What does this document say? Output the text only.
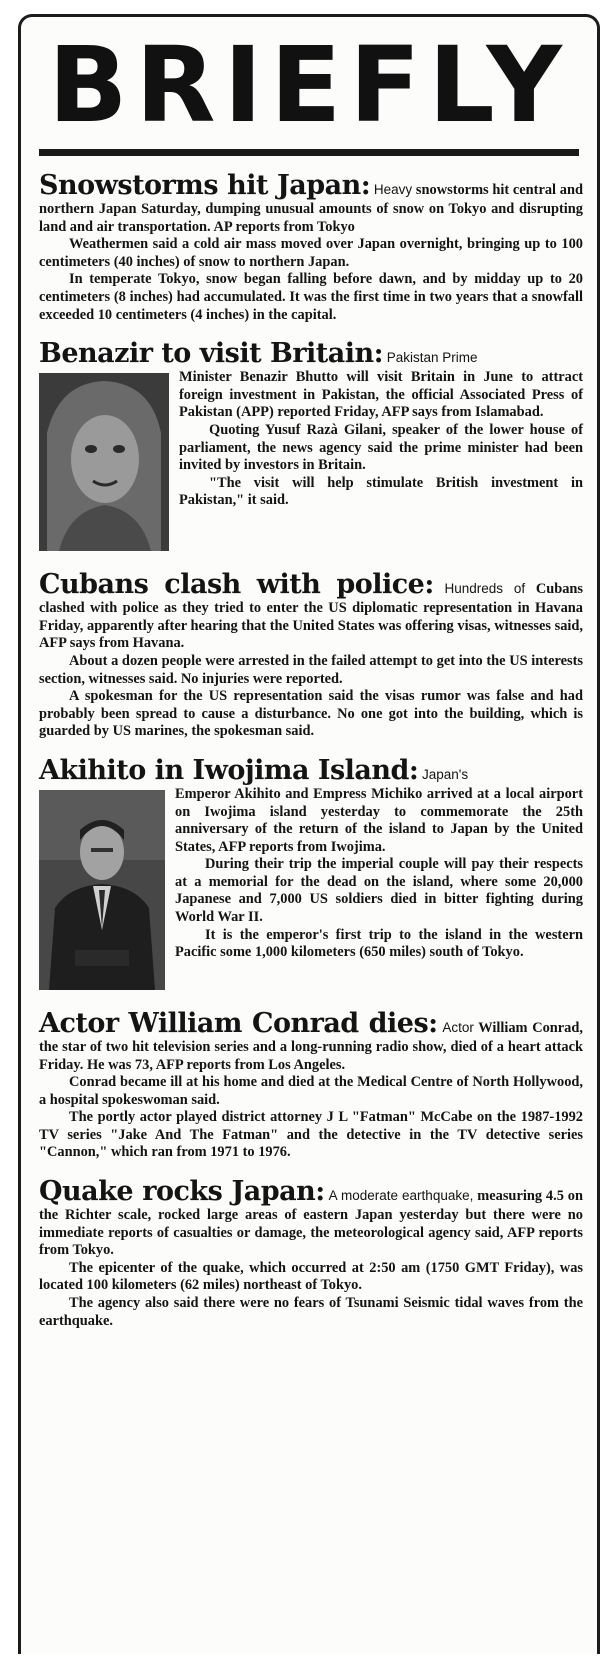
BRIEFLY

Snowstorms hit Japan: Heavy snowstorms hit central and northern Japan Saturday, dumping unusual amounts of snow on Tokyo and disrupting land and air transportation. AP reports from Tokyo

Weathermen said a cold air mass moved over Japan overnight, bringing up to 100 centimeters (40 inches) of snow to northern Japan.

In temperate Tokyo, snow began falling before dawn, and by midday up to 20 centimeters (8 inches) had accumulated. It was the first time in two years that a snowfall exceeded 10 centimeters (4 inches) in the capital.

Benazir to visit Britain: Pakistan Prime

Minister Benazir Bhutto will visit Britain in June to attract foreign investment in Pakistan, the official Associated Press of Pakistan (APP) reported Friday, AFP says from Islamabad.

Quoting Yusuf Razà Gilani, speaker of the lower house of parliament, the news agency said the prime minister had been invited by investors in Britain.

"The visit will help stimulate British investment in Pakistan," it said.

Cubans clash with police: Hundreds of Cubans clashed with police as they tried to enter the US diplomatic representation in Havana Friday, apparently after hearing that the United States was offering visas, witnesses said, AFP says from Havana.

About a dozen people were arrested in the failed attempt to get into the US interests section, witnesses said. No injuries were reported.

A spokesman for the US representation said the visas rumor was false and had probably been spread to cause a disturbance. No one got into the building, which is guarded by US marines, the spokesman said.

Akihito in Iwojima Island: Japan's

Emperor Akihito and Empress Michiko arrived at a local airport on Iwojima island yesterday to commemorate the 25th anniversary of the return of the island to Japan by the United States, AFP reports from Iwojima.

During their trip the imperial couple will pay their respects at a memorial for the dead on the island, where some 20,000 Japanese and 7,000 US soldiers died in bitter fighting during World War II.

It is the emperor's first trip to the island in the western Pacific some 1,000 kilometers (650 miles) south of Tokyo.

Actor William Conrad dies: Actor William Conrad, the star of two hit television series and a long-running radio show, died of a heart attack Friday. He was 73, AFP reports from Los Angeles.

Conrad became ill at his home and died at the Medical Centre of North Hollywood, a hospital spokeswoman said.

The portly actor played district attorney J L "Fatman" McCabe on the 1987-1992 TV series "Jake And The Fatman" and the detective in the TV detective series "Cannon," which ran from 1971 to 1976.

Quake rocks Japan: A moderate earthquake, measuring 4.5 on the Richter scale, rocked large areas of eastern Japan yesterday but there were no immediate reports of casualties or damage, the meteorological agency said, AFP reports from Tokyo.

The epicenter of the quake, which occurred at 2:50 am (1750 GMT Friday), was located 100 kilometers (62 miles) northeast of Tokyo.

The agency also said there were no fears of Tsunami Seismic tidal waves from the earthquake.
